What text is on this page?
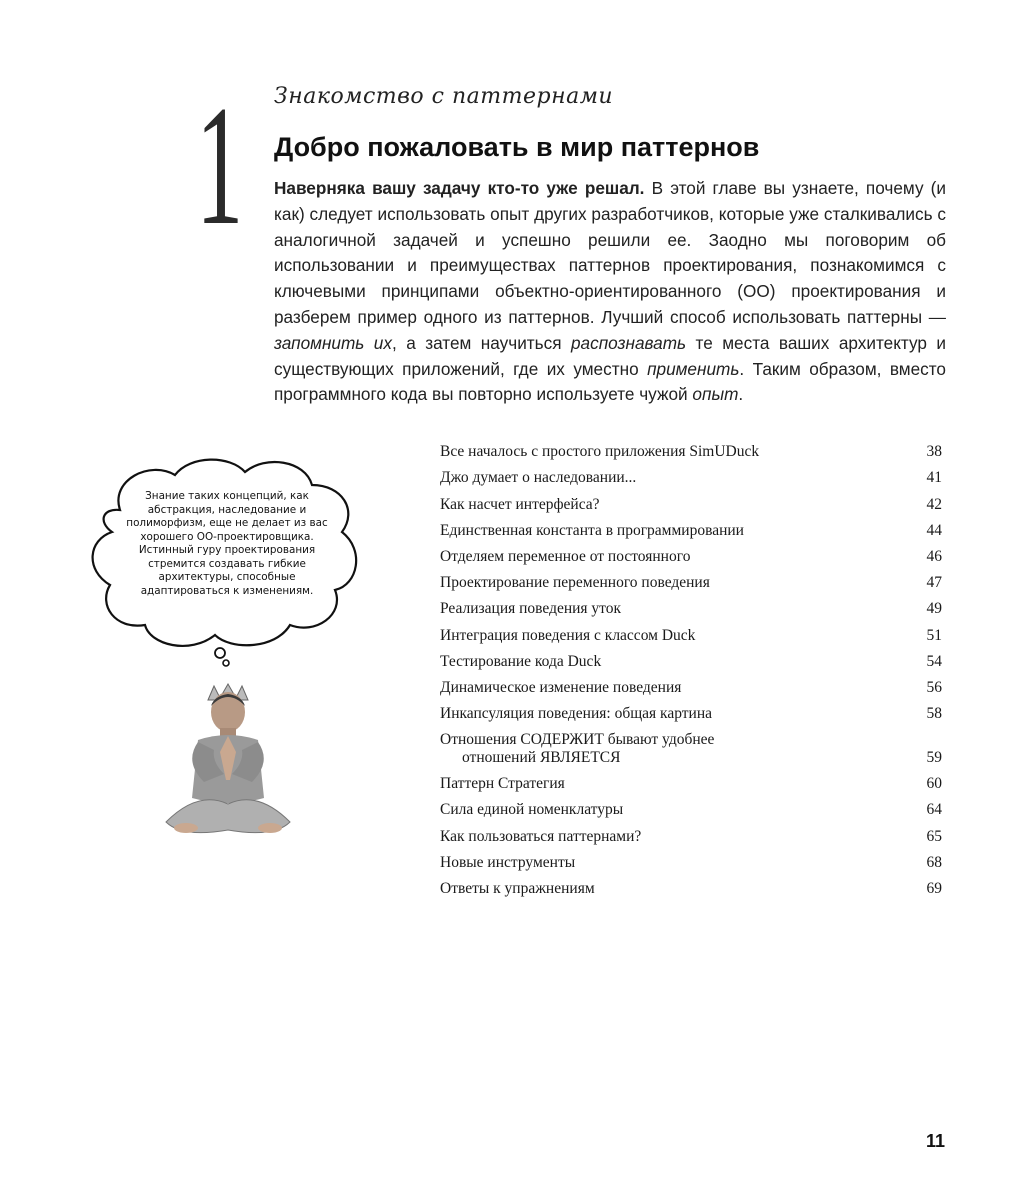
1 Знакомство с паттернами
Добро пожаловать в мир паттернов
Наверняка вашу задачу кто-то уже решал. В этой главе вы узнаете, почему (и как) следует использовать опыт других разработчиков, которые уже сталкивались с аналогичной задачей и успешно решили ее. Заодно мы поговорим об использовании и преимуществах паттернов проектирования, познакомимся с ключевыми принципами объектно-ориентированного (ОО) проектирования и разберем пример одного из паттернов. Лучший способ использовать паттерны — запомнить их, а затем научиться распознавать те места ваших архитектур и существующих приложений, где их уместно применить. Таким образом, вместо программного кода вы повторно используете чужой опыт.
Знание таких концепций, как абстракция, наследование и полиморфизм, еще не делает из вас хорошего ОО-проектировщика. Истинный гуру проектирования стремится создавать гибкие архитектуры, способные адаптироваться к изменениям.
Все началось с простого приложения SimUDuck	38
Джо думает о наследовании...	41
Как насчет интерфейса?	42
Единственная константа в программировании	44
Отделяем переменное от постоянного	46
Проектирование переменного поведения	47
Реализация поведения уток	49
Интеграция поведения с классом Duck	51
Тестирование кода Duck	54
Динамическое изменение поведения	56
Инкапсуляция поведения: общая картина	58
Отношения СОДЕРЖИТ бывают удобнее
отношений ЯВЛЯЕТСЯ	59
Паттерн Стратегия	60
Сила единой номенклатуры	64
Как пользоваться паттернами?	65
Новые инструменты	68
Ответы к упражнениям	69
11
